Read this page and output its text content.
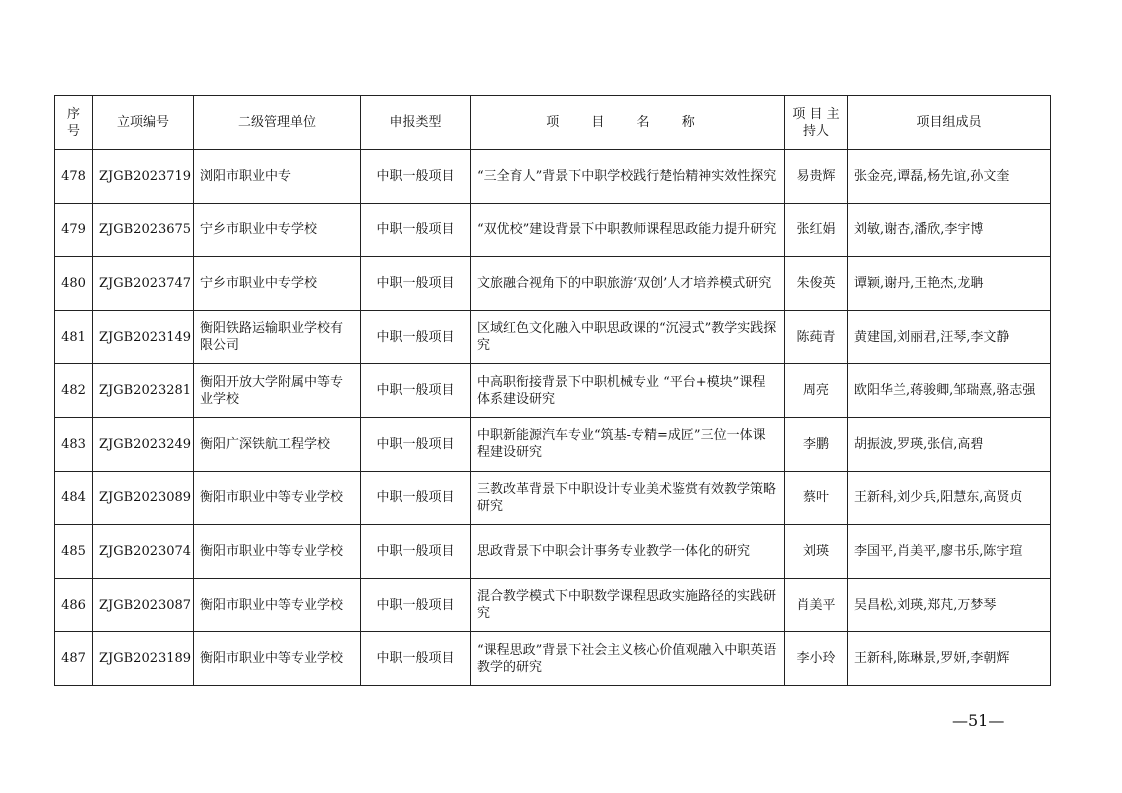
序号	立项编号	二级管理单位	申报类型	项 目 名 称	项 目 主持人	项目组成员
478	ZJGB2023719	浏阳市职业中专	中职一般项目	“三全育人”背景下中职学校践行楚怡精神实效性探究	易贵辉	张金亮,谭磊,杨先谊,孙文奎
479	ZJGB2023675	宁乡市职业中专学校	中职一般项目	“双优校”建设背景下中职教师课程思政能力提升研究	张红娟	刘敏,谢杏,潘欣,李宇博
480	ZJGB2023747	宁乡市职业中专学校	中职一般项目	文旅融合视角下的中职旅游‘双创’人才培养模式研究	朱俊英	谭颖,谢丹,王艳杰,龙聃
481	ZJGB2023149	衡阳铁路运输职业学校有限公司	中职一般项目	区域红色文化融入中职思政课的“沉浸式”教学实践探究	陈莼青	黄建国,刘丽君,汪琴,李文静
482	ZJGB2023281	衡阳开放大学附属中等专业学校	中职一般项目	中高职衔接背景下中职机械专业 “平台+模块”课程体系建设研究	周亮	欧阳华兰,蒋骏卿,邹瑞熹,骆志强
483	ZJGB2023249	衡阳广深铁航工程学校	中职一般项目	中职新能源汽车专业“筑基-专精=成匠”三位一体课程建设研究	李鹏	胡振波,罗瑛,张信,高碧
484	ZJGB2023089	衡阳市职业中等专业学校	中职一般项目	三教改革背景下中职设计专业美术鉴赏有效教学策略研究	蔡叶	王新科,刘少兵,阳慧东,高贤贞
485	ZJGB2023074	衡阳市职业中等专业学校	中职一般项目	思政背景下中职会计事务专业教学一体化的研究	刘瑛	李国平,肖美平,廖书乐,陈宇瑄
486	ZJGB2023087	衡阳市职业中等专业学校	中职一般项目	混合教学模式下中职数学课程思政实施路径的实践研究	肖美平	吴昌松,刘瑛,郑芃,万梦琴
487	ZJGB2023189	衡阳市职业中等专业学校	中职一般项目	“课程思政”背景下社会主义核心价值观融入中职英语教学的研究	李小玲	王新科,陈琳景,罗妍,李朝辉
—51—
